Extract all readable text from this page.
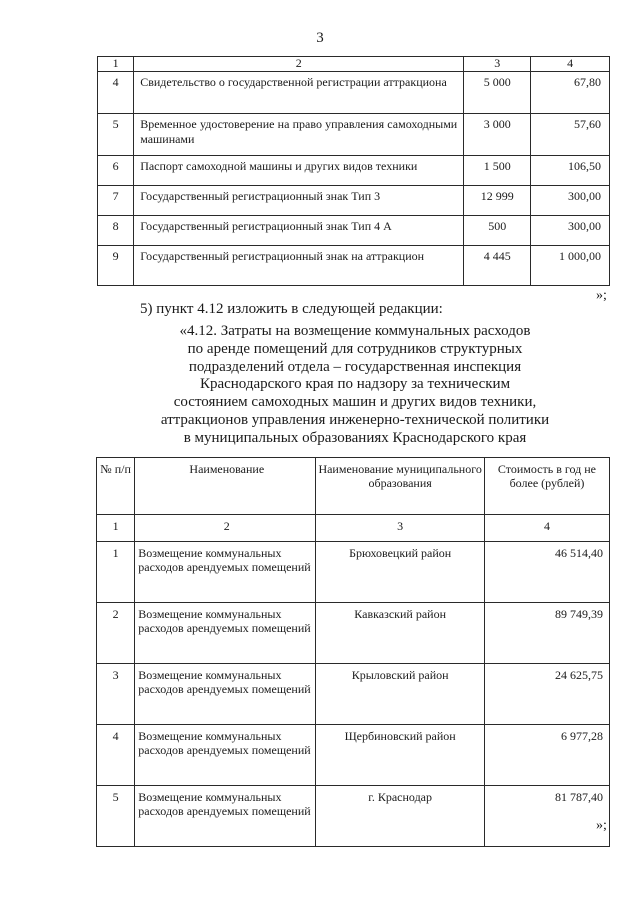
3
1	2	3	4
4	Свидетельство о государственной регистрации аттракциона	5 000	67,80
5	Временное удостоверение на право управления самоходными машинами	3 000	57,60
6	Паспорт самоходной машины и других видов техники	1 500	106,50
7	Государственный регистрационный знак Тип 3	12 999	300,00
8	Государственный регистрационный знак Тип 4 А	500	300,00
9	Государственный регистрационный знак на аттракцион	4 445	1 000,00
»;
5) пункт 4.12 изложить в следующей редакции:
«4.12. Затраты на возмещение коммунальных расходов
по аренде помещений для сотрудников структурных
подразделений отдела – государственная инспекция
Краснодарского края по надзору за техническим
состоянием самоходных машин и других видов техники,
аттракционов управления инженерно-технической политики
в муниципальных образованиях Краснодарского края
№ п/п	Наименование	Наименование муниципального образования	Стоимость в год не более (рублей)
1	2	3	4
1	Возмещение коммунальных расходов арендуемых помещений	Брюховецкий район	46 514,40
2	Возмещение коммунальных расходов арендуемых помещений	Кавказский район	89 749,39
3	Возмещение коммунальных расходов арендуемых помещений	Крыловский район	24 625,75
4	Возмещение коммунальных расходов арендуемых помещений	Щербиновский район	6 977,28
5	Возмещение коммунальных расходов арендуемых помещений	г. Краснодар	81 787,40
»;
